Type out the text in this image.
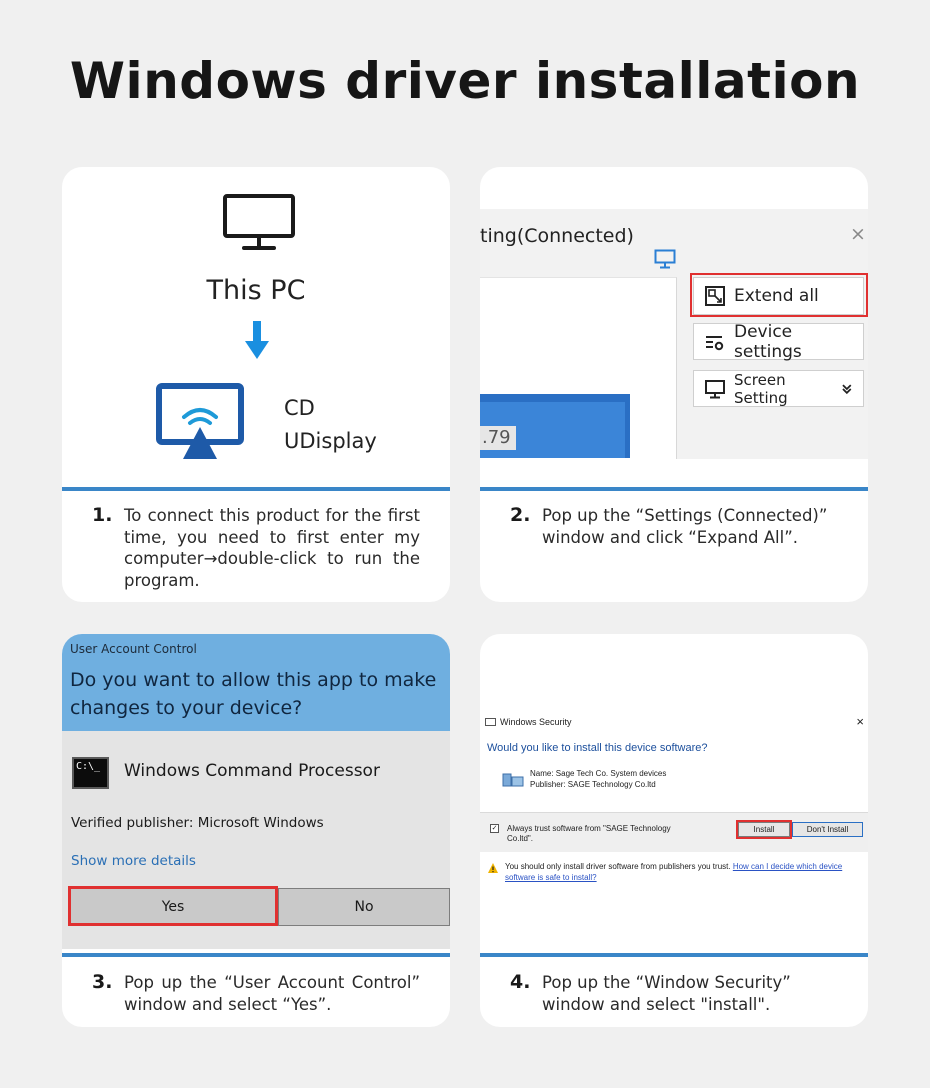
Windows driver installation
This PC
CD
UDisplay
1. To connect this product for the first time, you need to first enter my computer→double-click to run the program.
ting(Connected)	×
.79
Extend all
Device settings
Screen Setting
2. Pop up the “Settings (Connected)” window and click “Expand All”.
User Account Control
Do you want to allow this app to make changes to your device?
C:\_	Windows Command Processor
Verified publisher: Microsoft Windows
Show more details
Yes	No
3. Pop up the “User Account Control” window and select “Yes”.
Windows Security	×
Would you like to install this device software?
Name: Sage Tech Co. System devices
Publisher: SAGE Technology Co.ltd
✓ Always trust software from "SAGE Technology Co.ltd".
Install	Don't Install
You should only install driver software from publishers you trust. How can I decide which device software is safe to install?
4. Pop up the “Window Security” window and select "install".
